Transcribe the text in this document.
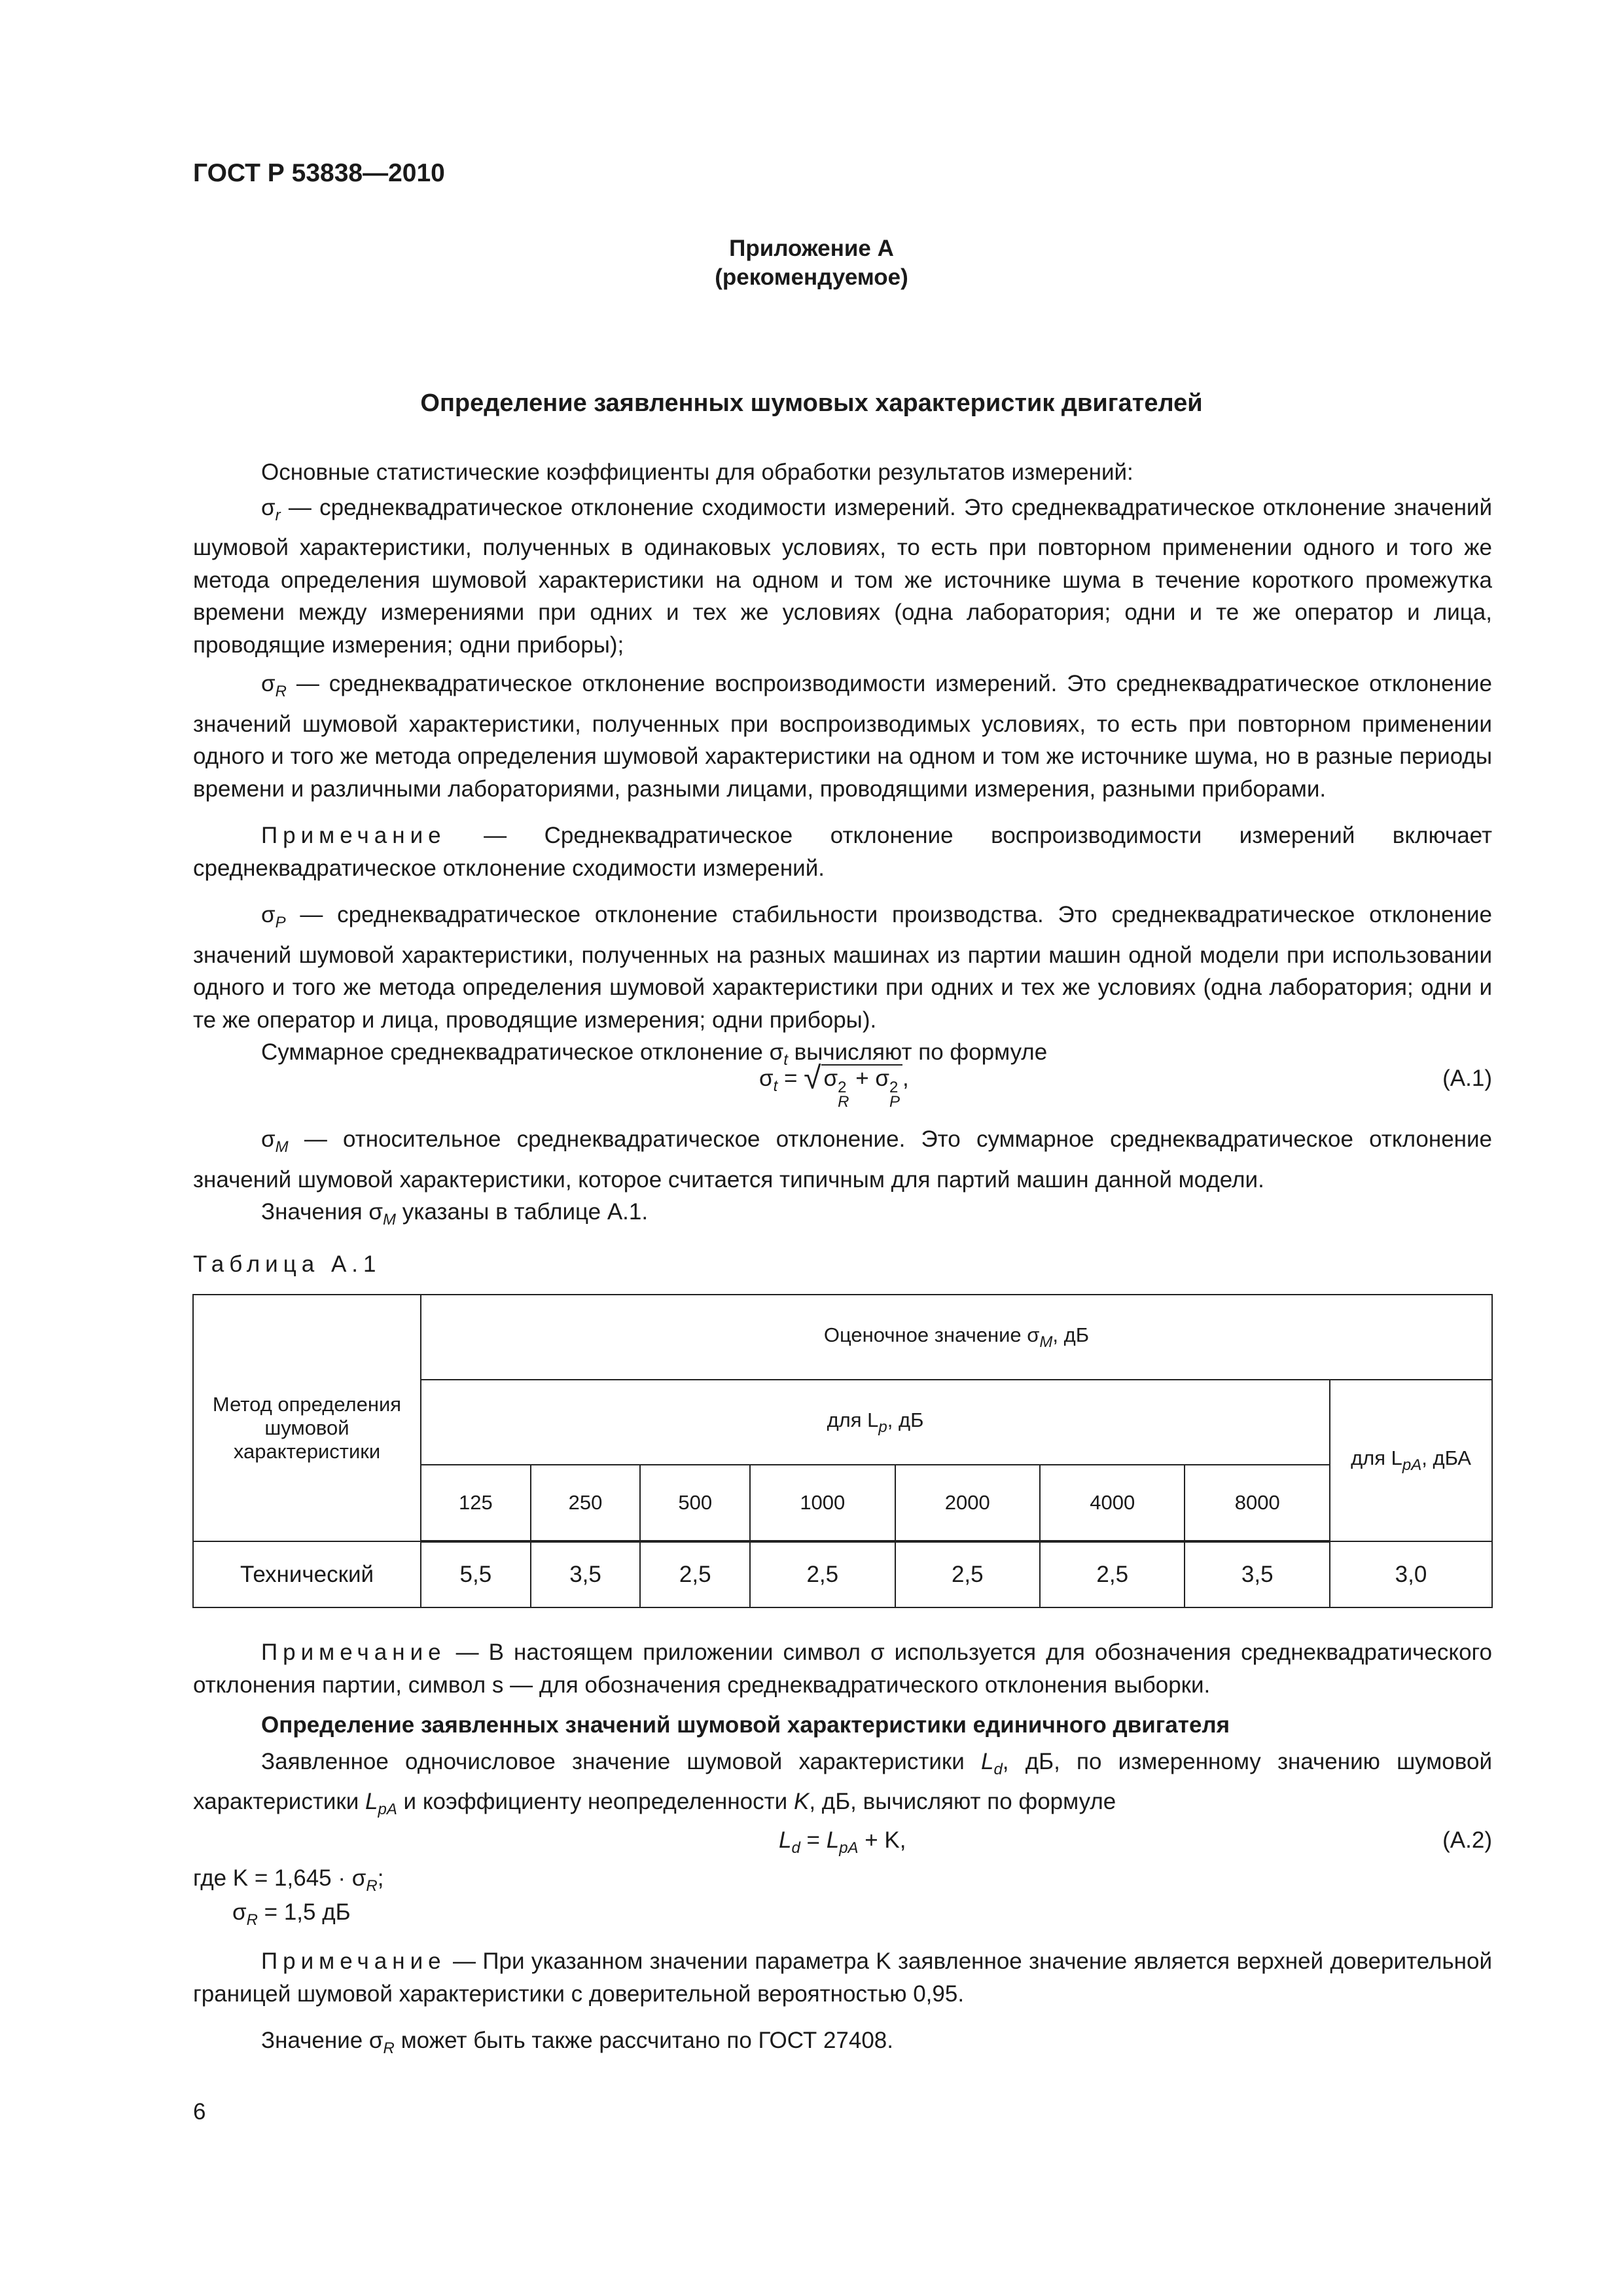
ГОСТ Р 53838—2010
Приложение А
(рекомендуемое)
Определение заявленных шумовых характеристик двигателей

Основные статистические коэффициенты для обработки результатов измерений:

$\sigma_r$ — среднеквадратическое отклонение сходимости измерений. Это среднеквадратическое отклонение значений шумовой характеристики, полученных в одинаковых условиях, то есть при повторном применении одного и того же метода определения шумовой характеристики на одном и том же источнике шума в течение короткого промежутка времени между измерениями при одних и тех же условиях (одна лаборатория; одни и те же оператор и лица, проводящие измерения; одни приборы);

$\sigma_R$ — среднеквадратическое отклонение воспроизводимости измерений. Это среднеквадратическое отклонение значений шумовой характеристики, полученных при воспроизводимых условиях, то есть при повторном применении одного и того же метода определения шумовой характеристики на одном и том же источнике шума, но в разные периоды времени и различными лабораториями, разными лицами, проводящими измерения, разными приборами.

Примечание — Среднеквадратическое отклонение воспроизводимости измерений включает среднеквадратическое отклонение сходимости измерений.

$\sigma_P$ — среднеквадратическое отклонение стабильности производства. Это среднеквадратическое отклонение значений шумовой характеристики, полученных на разных машинах из партии машин одной модели при использовании одного и того же метода определения шумовой характеристики при одних и тех же условиях (одна лаборатория; одни и те же оператор и лица, проводящие измерения; одни приборы).

Суммарное среднеквадратическое отклонение $\sigma_t$ вычисляют по формуле

$\sigma_t$ = √ σ 2
R
+ σ 2
P
,	(А.1)

$\sigma_M$ — относительное среднеквадратическое отклонение. Это суммарное среднеквадратическое отклонение значений шумовой характеристики, которое считается типичным для партий машин данной модели.

Значения $\sigma_M$ указаны в таблице А.1.

Таблица А.1
Метод определения шумовой характеристики	Оценочное значение $\sigma_M$, дБ							
	для $L_p$, дБ							для $L_{pA}$, дБА
	125	250	500	1000	2000	4000	8000	
Технический	5,5	3,5	2,5	2,5	2,5	2,5	3,5	3,0

Примечание — В настоящем приложении символ σ используется для обозначения среднеквадратического отклонения партии, символ s — для обозначения среднеквадратического отклонения выборки.

Определение заявленных значений шумовой характеристики единичного двигателя

Заявленное одночисловое значение шумовой характеристики $L_d$, дБ, по измеренному значению шумовой характеристики $L_{pA}$ и коэффициенту неопределенности K, дБ, вычисляют по формуле

$L_d = L_{pA} + K$,	(А.2)
где $K = 1,645 \cdot \sigma_R$;
$\sigma_R = 1,5$ дБ

Примечание — При указанном значении параметра K заявленное значение является верхней доверительной границей шумовой характеристики с доверительной вероятностью 0,95.

Значение $\sigma_R$ может быть также рассчитано по ГОСТ 27408.

6
